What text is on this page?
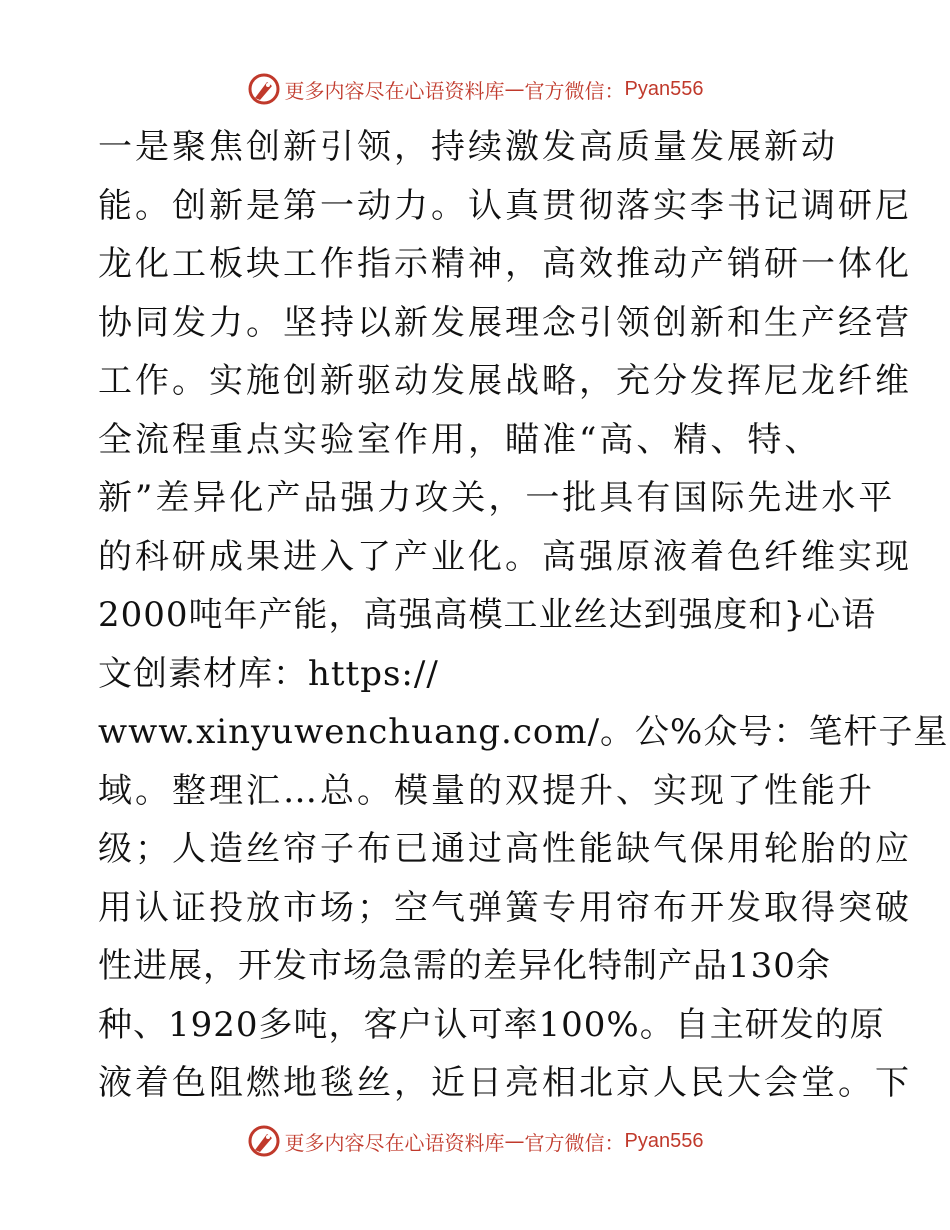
更多内容尽在心语资料库 — 官方微信： Pyan556
一是聚焦创新引领，持续激发高质量发展新动
能。创新是第一动力。认真贯彻落实李书记调研尼
龙化工板块工作指示精神，高效推动产销研一体化
协同发力。坚持以新发展理念引领创新和生产经营
工作。实施创新驱动发展战略，充分发挥尼龙纤维
全流程重点实验室作用，瞄准“高、精、特、
新”差异化产品强力攻关，一批具有国际先进水平
的科研成果进入了产业化。高强原液着色纤维实现
2000吨年产能，高强高模工业丝达到强度和}心语
文创素材库：https://
www.xinyuwenchuang.com/。公%众号：笔杆子星
域。整理汇…总。模量的双提升、实现了性能升
级；人造丝帘子布已通过高性能缺气保用轮胎的应
用认证投放市场；空气弹簧专用帘布开发取得突破
性进展，开发市场急需的差异化特制产品130余
种、1920多吨，客户认可率100%。自主研发的原
液着色阻燃地毯丝，近日亮相北京人民大会堂。下
更多内容尽在心语资料库 — 官方微信： Pyan556
